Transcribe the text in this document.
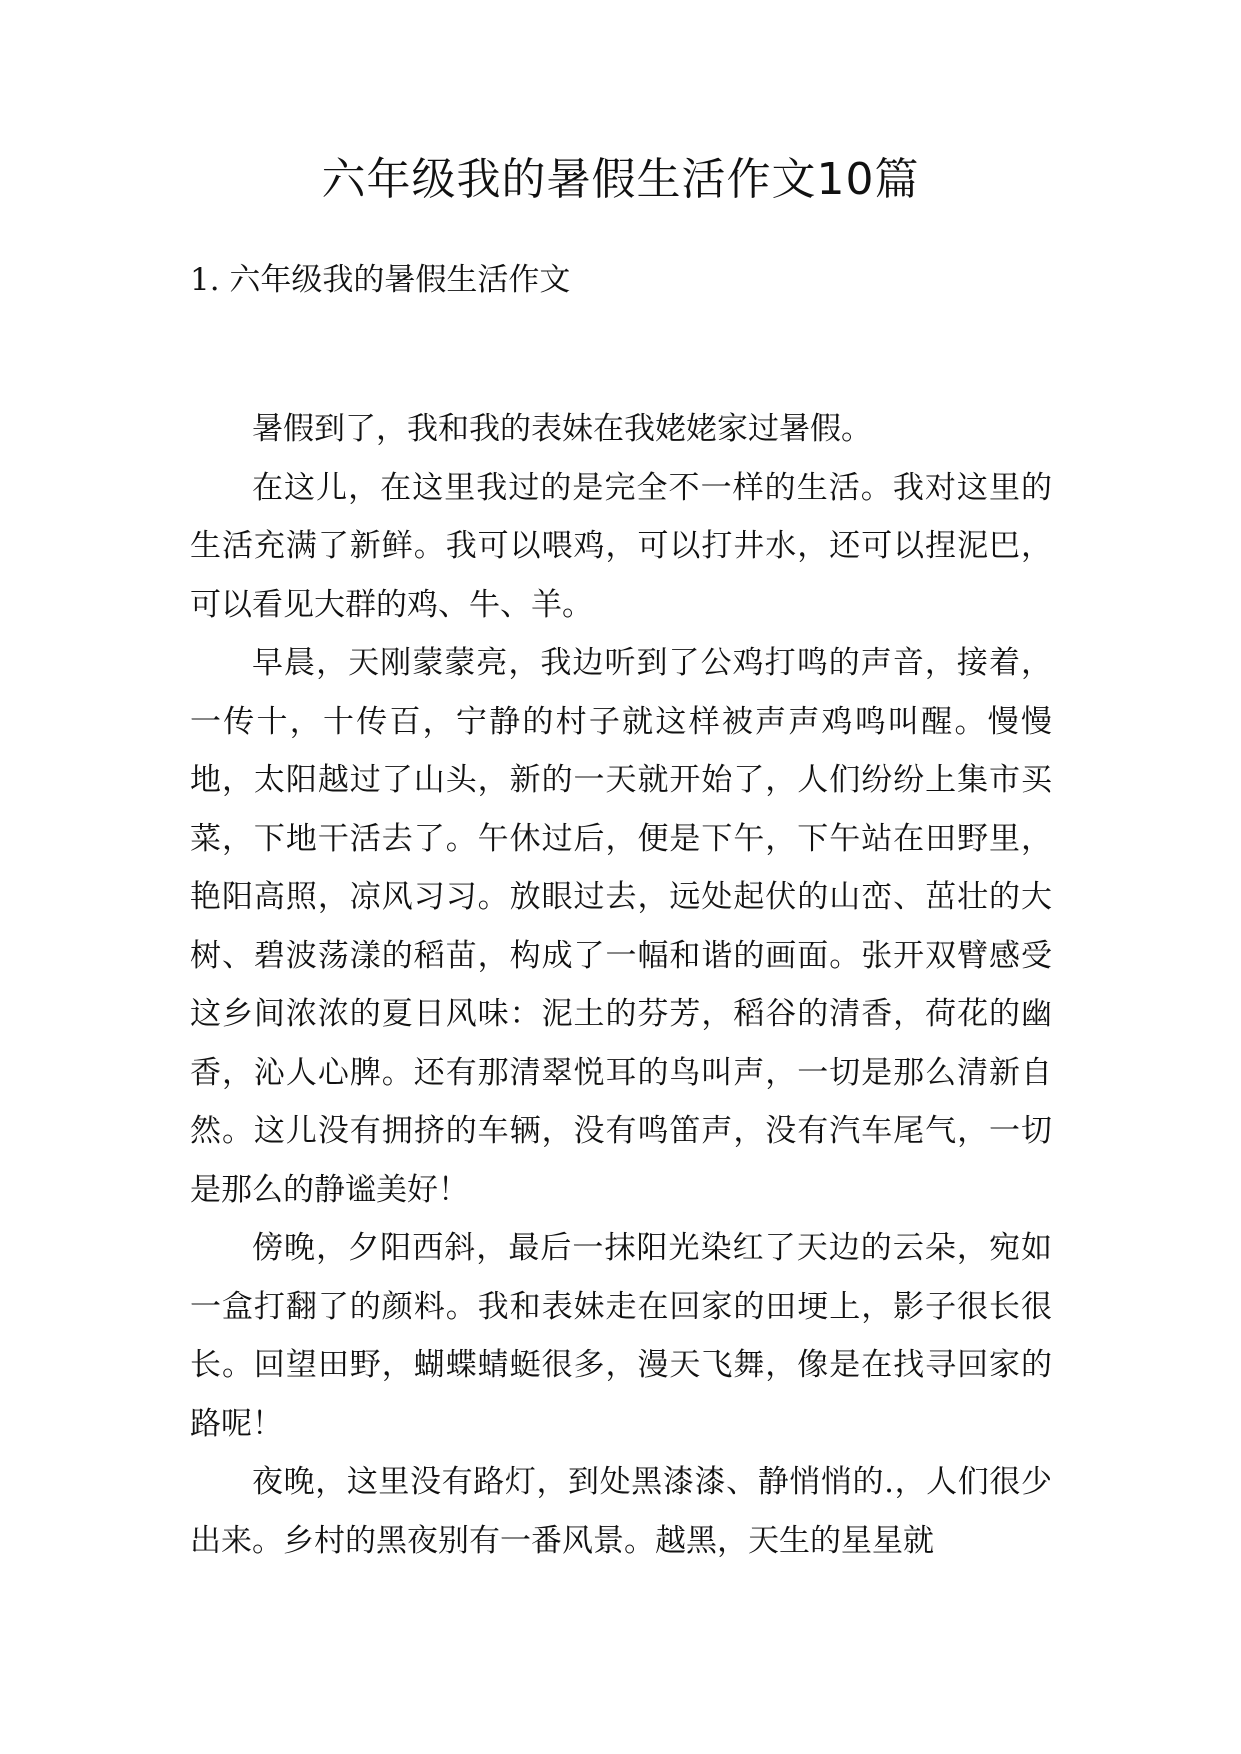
六年级我的暑假生活作文10篇
1. 六年级我的暑假生活作文

暑假到了，我和我的表妹在我姥姥家过暑假。

在这儿，在这里我过的是完全不一样的生活。我对这里的生活充满了新鲜。我可以喂鸡，可以打井水，还可以捏泥巴，可以看见大群的鸡、牛、羊。

早晨，天刚蒙蒙亮，我边听到了公鸡打鸣的声音，接着，一传十，十传百，宁静的村子就这样被声声鸡鸣叫醒。慢慢地，太阳越过了山头，新的一天就开始了，人们纷纷上集市买菜，下地干活去了。午休过后，便是下午，下午站在田野里，艳阳高照，凉风习习。放眼过去，远处起伏的山峦、茁壮的大树、碧波荡漾的稻苗，构成了一幅和谐的画面。张开双臂感受这乡间浓浓的夏日风味：泥土的芬芳，稻谷的清香，荷花的幽香，沁人心脾。还有那清翠悦耳的鸟叫声，一切是那么清新自然。这儿没有拥挤的车辆，没有鸣笛声，没有汽车尾气，一切是那么的静谧美好！

傍晚，夕阳西斜，最后一抹阳光染红了天边的云朵，宛如一盒打翻了的颜料。我和表妹走在回家的田埂上，影子很长很长。回望田野，蝴蝶蜻蜓很多，漫天飞舞，像是在找寻回家的路呢！

夜晚，这里没有路灯，到处黑漆漆、静悄悄的.，人们很少出来。乡村的黑夜别有一番风景。越黑，天生的星星就
